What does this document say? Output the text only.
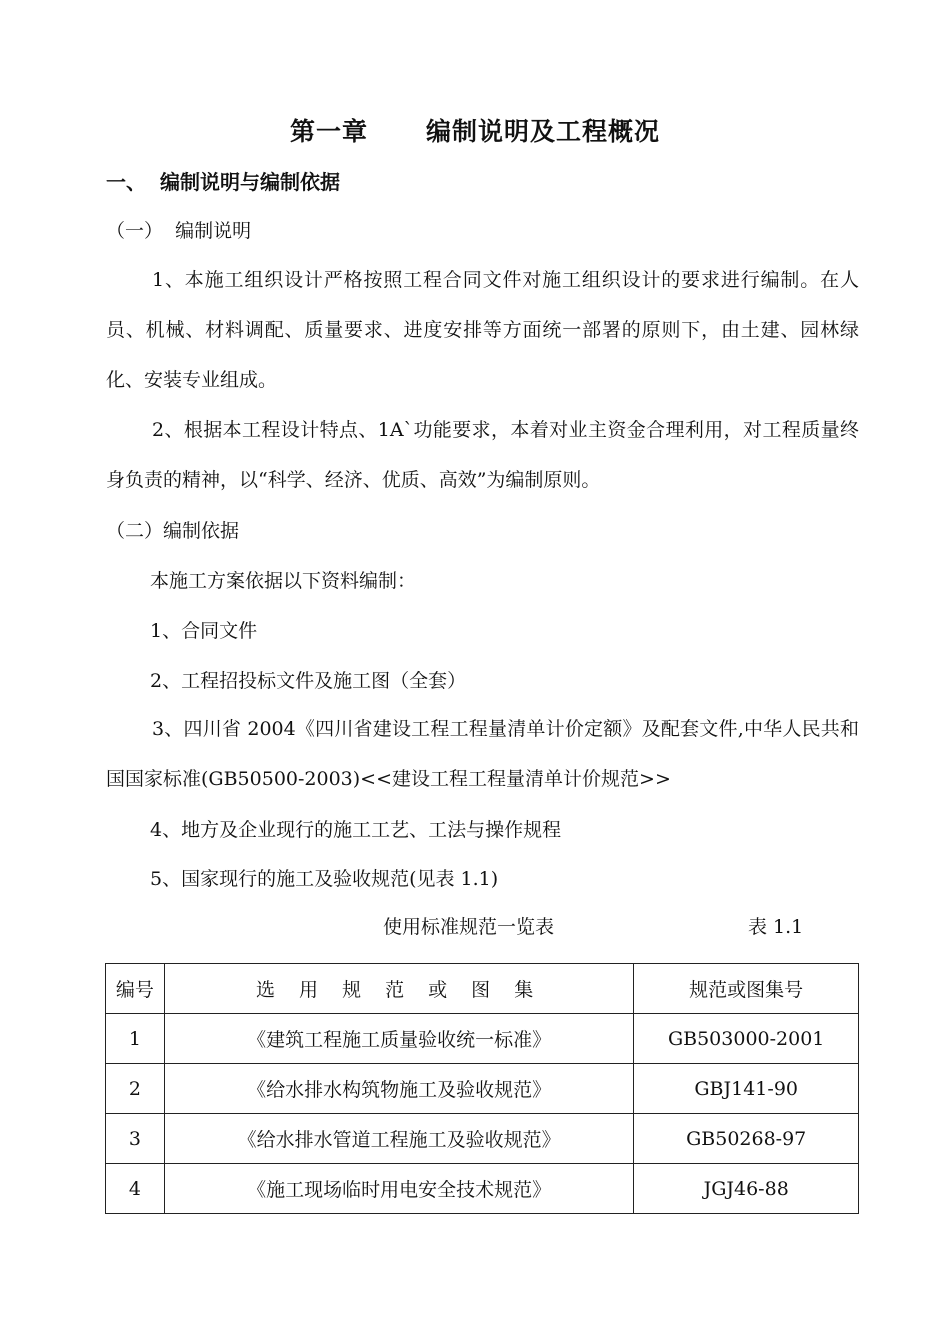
第一章 编制说明及工程概况
一、 编制说明与编制依据
（一）  编制说明
1、本施工组织设计严格按照工程合同文件对施工组织设计的要求进行编制。在人员、机械、材料调配、质量要求、进度安排等方面统一部署的原则下，由土建、园林绿化、安装专业组成。
2、根据本工程设计特点、1A`功能要求，本着对业主资金合理利用，对工程质量终身负责的精神，以“科学、经济、优质、高效”为编制原则。
（二）编制依据
本施工方案依据以下资料编制：
1、合同文件
2、工程招投标文件及施工图（全套）
3、四川省 2004《四川省建设工程工程量清单计价定额》及配套文件,中华人民共和国国家标准(GB50500-2003)<<建设工程工程量清单计价规范>>
4、地方及企业现行的施工工艺、工法与操作规程
5、国家现行的施工及验收规范(见表 1.1)
使用标准规范一览表	表 1.1
编号	选 用 规 范 或 图 集	规范或图集号
1	《建筑工程施工质量验收统一标准》	GB503000-2001
2	《给水排水构筑物施工及验收规范》	GBJ141-90
3	《给水排水管道工程施工及验收规范》	GB50268-97
4	《施工现场临时用电安全技术规范》	JGJ46-88
